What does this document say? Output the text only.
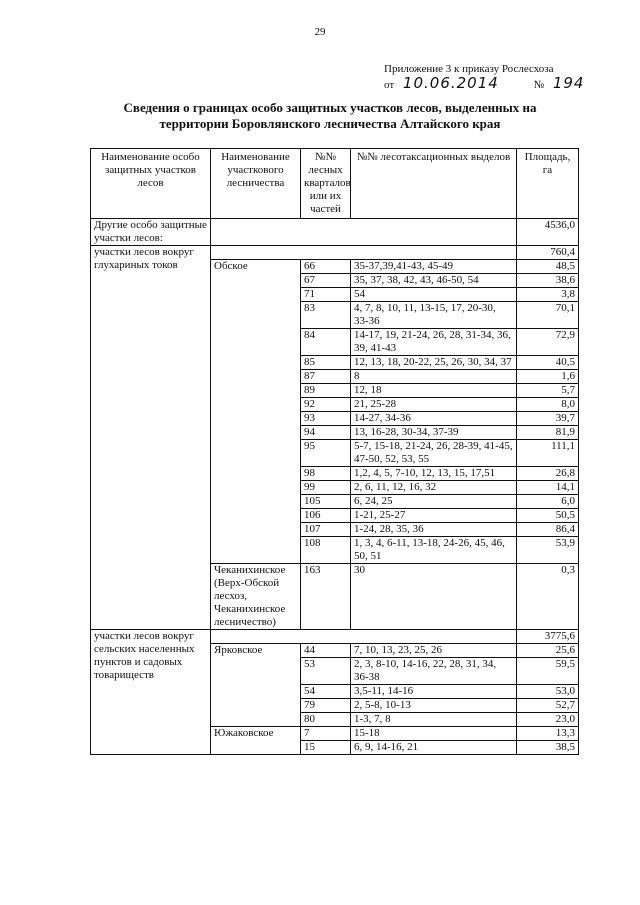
29
Приложение 3 к приказу Рослесхоза
от 10.06.2014	№ 194
Сведения о границах особо защитных участков лесов, выделенных на
территории Боровлянского лесничества Алтайского края
Наименование особо защитных участков лесов	Наименование участкового лесничества	№№ лесных кварталов или их частей	№№ лесотаксационных выделов	Площадь, га
Другие особо защитные участки лесов:				4536,0
участки лесов вокруг глухариных токов				760,4
	Обское	66	35-37,39,41-43, 45-49	48,5
		67	35, 37, 38, 42, 43, 46-50, 54	38,6
		71	54	3,8
		83	4, 7, 8, 10, 11, 13-15, 17, 20-30, 33-36	70,1
		84	14-17, 19, 21-24, 26, 28, 31-34, 36, 39, 41-43	72,9
		85	12, 13, 18, 20-22, 25, 26, 30, 34, 37	40,5
		87	8	1,6
		89	12, 18	5,7
		92	21, 25-28	8,0
		93	14-27, 34-36	39,7
		94	13, 16-28, 30-34, 37-39	81,9
		95	5-7, 15-18, 21-24, 26, 28-39, 41-45, 47-50, 52, 53, 55	111,1
		98	1,2, 4, 5, 7-10, 12, 13, 15, 17,51	26,8
		99	2, 6, 11, 12, 16, 32	14,1
		105	6, 24, 25	6,0
		106	1-21, 25-27	50,5
		107	1-24, 28, 35, 36	86,4
		108	1, 3, 4, 6-11, 13-18, 24-26, 45, 46, 50, 51	53,9
	Чеканихинское (Верх-Обской лесхоз, Чеканихинское лесничество)	163	30	0,3
участки лесов вокруг сельских населенных пунктов и садовых товариществ				3775,6
	Ярковское	44	7, 10, 13, 23, 25, 26	25,6
		53	2, 3, 8-10, 14-16, 22, 28, 31, 34, 36-38	59,5
		54	3,5-11, 14-16	53,0
		79	2, 5-8, 10-13	52,7
		80	1-3, 7, 8	23,0
	Южаковское	7	15-18	13,3
		15	6, 9, 14-16, 21	38,5
